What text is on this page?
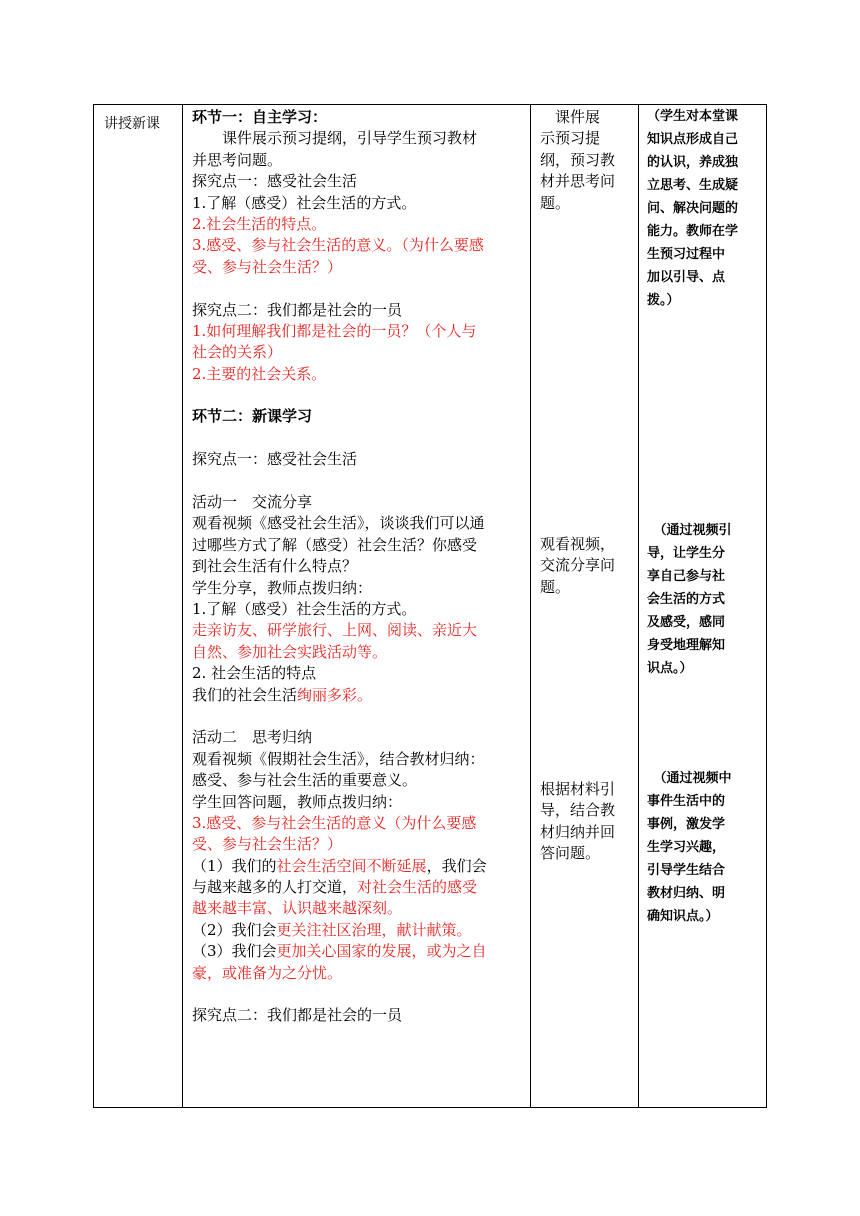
讲授新课 环节一：自主学习：
　　课件展示预习提纲，引导学生预习教材
并思考问题。
探究点一：感受社会生活
1.了解（感受）社会生活的方式。
2.社会生活的特点。
3.感受、参与社会生活的意义。（为什么要感
受、参与社会生活？）
探究点二：我们都是社会的一员
1.如何理解我们都是社会的一员？（个人与
社会的关系）
2.主要的社会关系。
环节二：新课学习
探究点一：感受社会生活
活动一　交流分享
观看视频《感受社会生活》，谈谈我们可以通
过哪些方式了解（感受）社会生活？你感受
到社会生活有什么特点？
学生分享，教师点拨归纳：
1.了解（感受）社会生活的方式。
走亲访友、研学旅行、上网、阅读、亲近大
自然、参加社会实践活动等。
2. 社会生活的特点
我们的社会生活绚丽多彩。
活动二　思考归纳
观看视频《假期社会生活》，结合教材归纳：
感受、参与社会生活的重要意义。
学生回答问题，教师点拨归纳：
3.感受、参与社会生活的意义（为什么要感
受、参与社会生活？）
（1）我们的社会生活空间不断延展，我们会
与越来越多的人打交道，对社会生活的感受
越来越丰富、认识越来越深刻。
（2）我们会更关注社区治理，献计献策。
（3）我们会更加关心国家的发展，或为之自
豪，或准备为之分忧。
探究点二：我们都是社会的一员
　课件展
示预习提
纲，预习教
材并思考问
题。
观看视频，
交流分享问
题。
根据材料引
导，结合教
材归纳并回
答问题。
（学生对本堂课
知识点形成自己
的认识，养成独
立思考、生成疑
问、解决问题的
能力。教师在学
生预习过程中
加以引导、点
拨。）
　（通过视频引
导，让学生分
享自己参与社
会生活的方式
及感受，感同
身受地理解知
识点。）
　（通过视频中
事件生活中的
事例，激发学
生学习兴趣，
引导学生结合
教材归纳、明
确知识点。）
